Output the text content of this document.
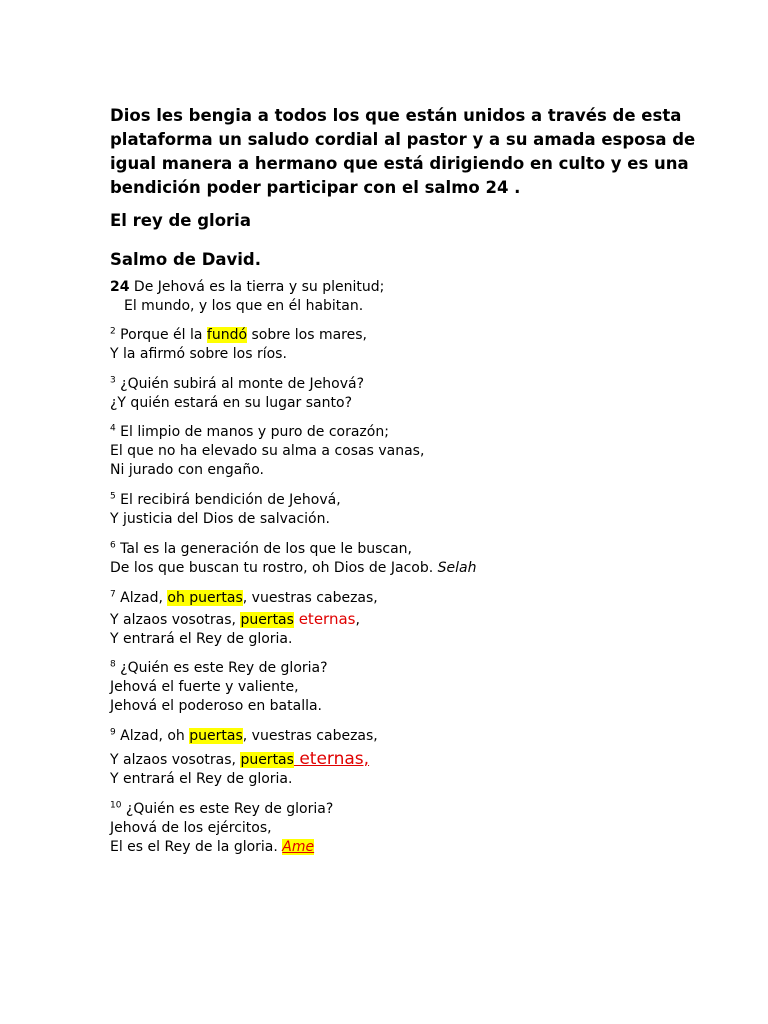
Dios les bengia a todos los que están unidos a través de esta plataforma un saludo cordial al pastor y a su amada esposa de igual manera a hermano que está dirigiendo en culto y es una bendición poder participar con el salmo 24 .

El rey de gloria

Salmo de David.

24 De Jehová es la tierra y su plenitud;
El mundo, y los que en él habitan.
$^2$ Porque él la fundó sobre los mares,
Y la afirmó sobre los ríos.
$^3$ ¿Quién subirá al monte de Jehová?
¿Y quién estará en su lugar santo?
$^4$ El limpio de manos y puro de corazón;
El que no ha elevado su alma a cosas vanas,
Ni jurado con engaño.
$^5$ El recibirá bendición de Jehová,
Y justicia del Dios de salvación.
$^6$ Tal es la generación de los que le buscan,
De los que buscan tu rostro, oh Dios de Jacob. Selah
$^7$ Alzad, oh puertas, vuestras cabezas,
Y alzaos vosotras, puertas eternas,
Y entrará el Rey de gloria.
$^8$ ¿Quién es este Rey de gloria?
Jehová el fuerte y valiente,
Jehová el poderoso en batalla.
$^9$ Alzad, oh puertas, vuestras cabezas,
Y alzaos vosotras, puertas eternas,
Y entrará el Rey de gloria.
$^{10}$ ¿Quién es este Rey de gloria?
Jehová de los ejércitos,
El es el Rey de la gloria. Ame
